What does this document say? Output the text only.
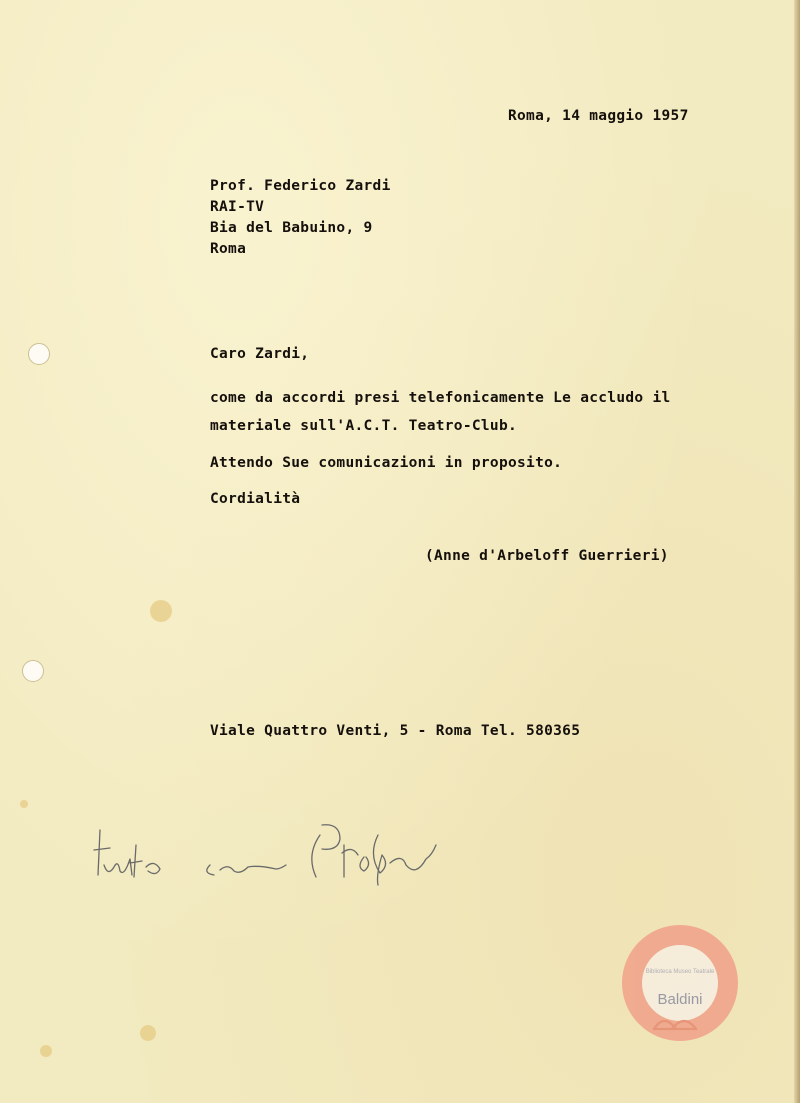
Roma, 14 maggio 1957
Prof. Federico Zardi
RAI-TV
Bia del Babuino, 9
Roma
Caro Zardi,
come da accordi presi telefonicamente Le accludo il
materiale sull'A.C.T. Teatro-Club.
Attendo Sue comunicazioni in proposito.
Cordialità
(Anne d'Arbeloff Guerrieri)
Viale Quattro Venti, 5 - Roma Tel. 580365
Biblioteca Museo Teatrale
Baldini
